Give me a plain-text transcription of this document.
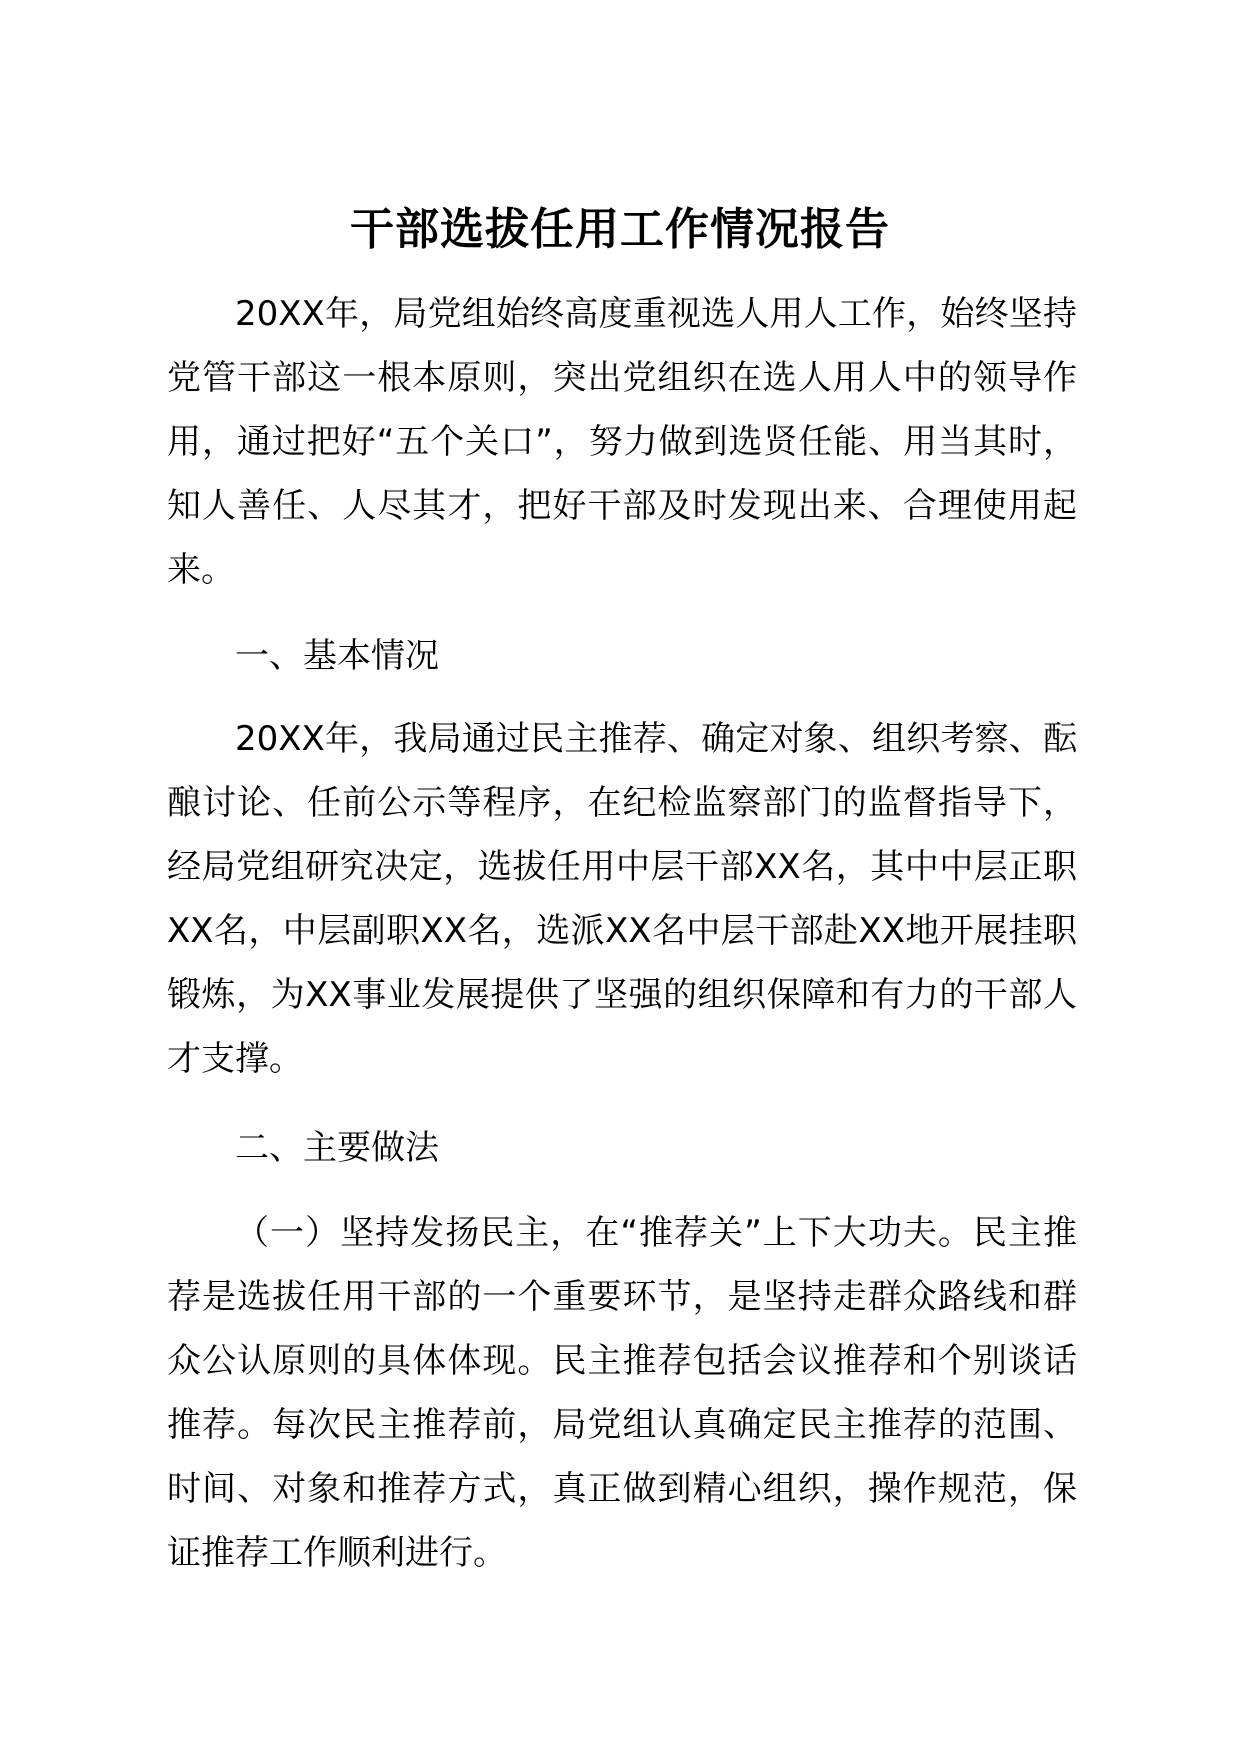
干部选拔任用工作情况报告

20XX年，局党组始终高度重视选人用人工作，始终坚持党管干部这一根本原则，突出党组织在选人用人中的领导作用，通过把好“五个关口”，努力做到选贤任能、用当其时，知人善任、人尽其才，把好干部及时发现出来、合理使用起来。

一、基本情况

20XX年，我局通过民主推荐、确定对象、组织考察、酝酿讨论、任前公示等程序，在纪检监察部门的监督指导下，经局党组研究决定，选拔任用中层干部XX名，其中中层正职XX名，中层副职XX名，选派XX名中层干部赴XX地开展挂职锻炼，为XX事业发展提供了坚强的组织保障和有力的干部人才支撑。

二、主要做法

（一）坚持发扬民主，在“推荐关”上下大功夫。民主推荐是选拔任用干部的一个重要环节，是坚持走群众路线和群众公认原则的具体体现。民主推荐包括会议推荐和个别谈话推荐。每次民主推荐前，局党组认真确定民主推荐的范围、时间、对象和推荐方式，真正做到精心组织，操作规范，保证推荐工作顺利进行。
